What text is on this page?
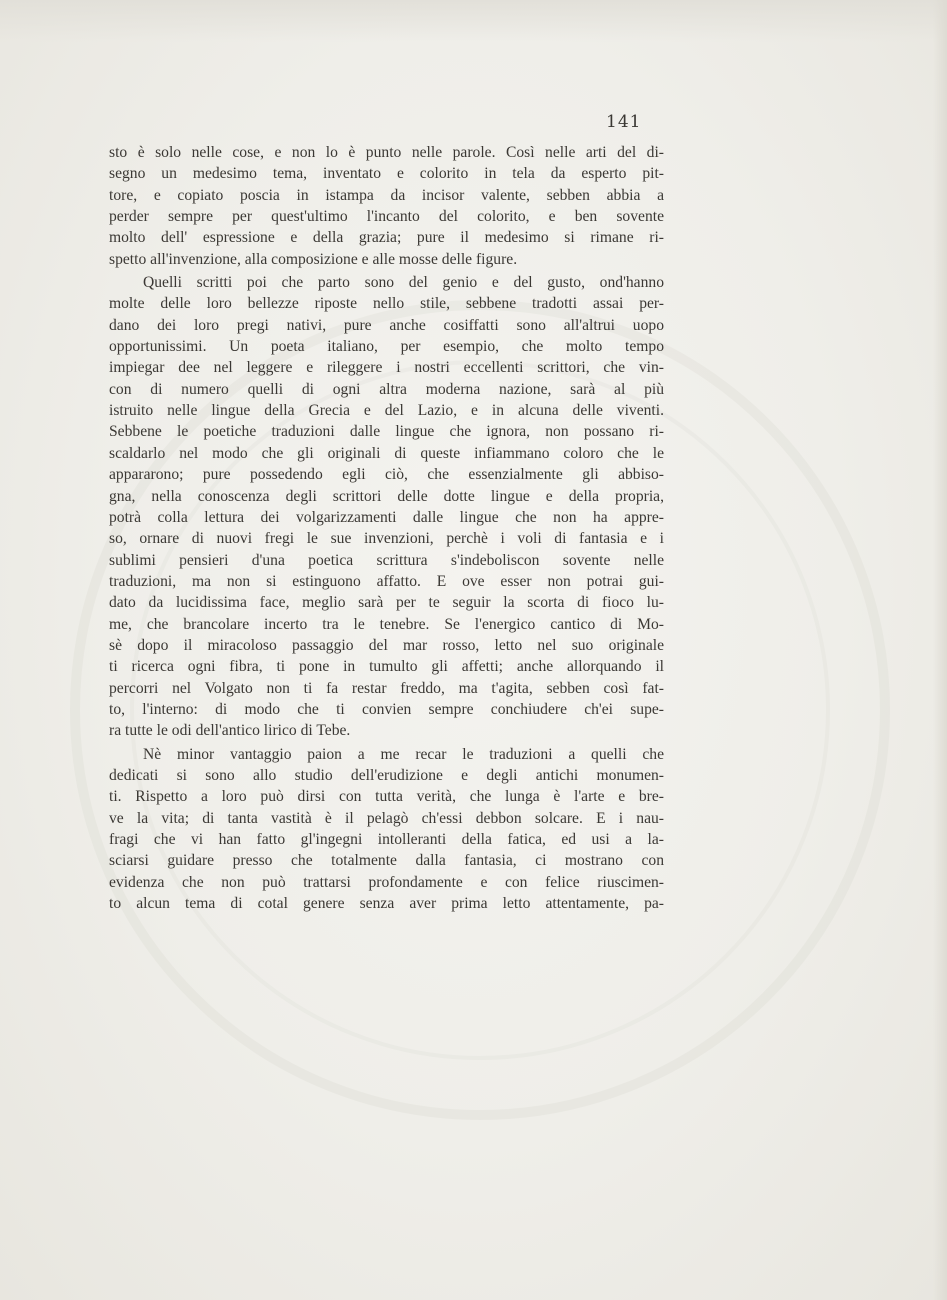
141
sto è solo nelle cose, e non lo è punto nelle parole. Così nelle arti del di-
segno un medesimo tema, inventato e colorito in tela da esperto pit-
tore, e copiato poscia in istampa da incisor valente, sebben abbia a
perder sempre per quest'ultimo l'incanto del colorito, e ben sovente
molto dell' espressione e della grazia; pure il medesimo si rimane ri-
spetto all'invenzione, alla composizione e alle mosse delle figure.
Quelli scritti poi che parto sono del genio e del gusto, ond'hanno
molte delle loro bellezze riposte nello stile, sebbene tradotti assai per-
dano dei loro pregi nativi, pure anche cosiffatti sono all'altrui uopo
opportunissimi. Un poeta italiano, per esempio, che molto tempo
impiegar dee nel leggere e rileggere i nostri eccellenti scrittori, che vin-
con di numero quelli di ogni altra moderna nazione, sarà al più
istruito nelle lingue della Grecia e del Lazio, e in alcuna delle viventi.
Sebbene le poetiche traduzioni dalle lingue che ignora, non possano ri-
scaldarlo nel modo che gli originali di queste infiammano coloro che le
appararono; pure possedendo egli ciò, che essenzialmente gli abbiso-
gna, nella conoscenza degli scrittori delle dotte lingue e della propria,
potrà colla lettura dei volgarizzamenti dalle lingue che non ha appre-
so, ornare di nuovi fregi le sue invenzioni, perchè i voli di fantasia e i
sublimi pensieri d'una poetica scrittura s'indeboliscon sovente nelle
traduzioni, ma non si estinguono affatto. E ove esser non potrai gui-
dato da lucidissima face, meglio sarà per te seguir la scorta di fioco lu-
me, che brancolare incerto tra le tenebre. Se l'energico cantico di Mo-
sè dopo il miracoloso passaggio del mar rosso, letto nel suo originale
ti ricerca ogni fibra, ti pone in tumulto gli affetti; anche allorquando il
percorri nel Volgato non ti fa restar freddo, ma t'agita, sebben così fat-
to, l'interno: di modo che ti convien sempre conchiudere ch'ei supe-
ra tutte le odi dell'antico lirico di Tebe.
Nè minor vantaggio paion a me recar le traduzioni a quelli che
dedicati si sono allo studio dell'erudizione e degli antichi monumen-
ti. Rispetto a loro può dirsi con tutta verità, che lunga è l'arte e bre-
ve la vita; di tanta vastità è il pelagò ch'essi debbon solcare. E i nau-
fragi che vi han fatto gl'ingegni intolleranti della fatica, ed usi a la-
sciarsi guidare presso che totalmente dalla fantasia, ci mostrano con
evidenza che non può trattarsi profondamente e con felice riuscimen-
to alcun tema di cotal genere senza aver prima letto attentamente, pa-
